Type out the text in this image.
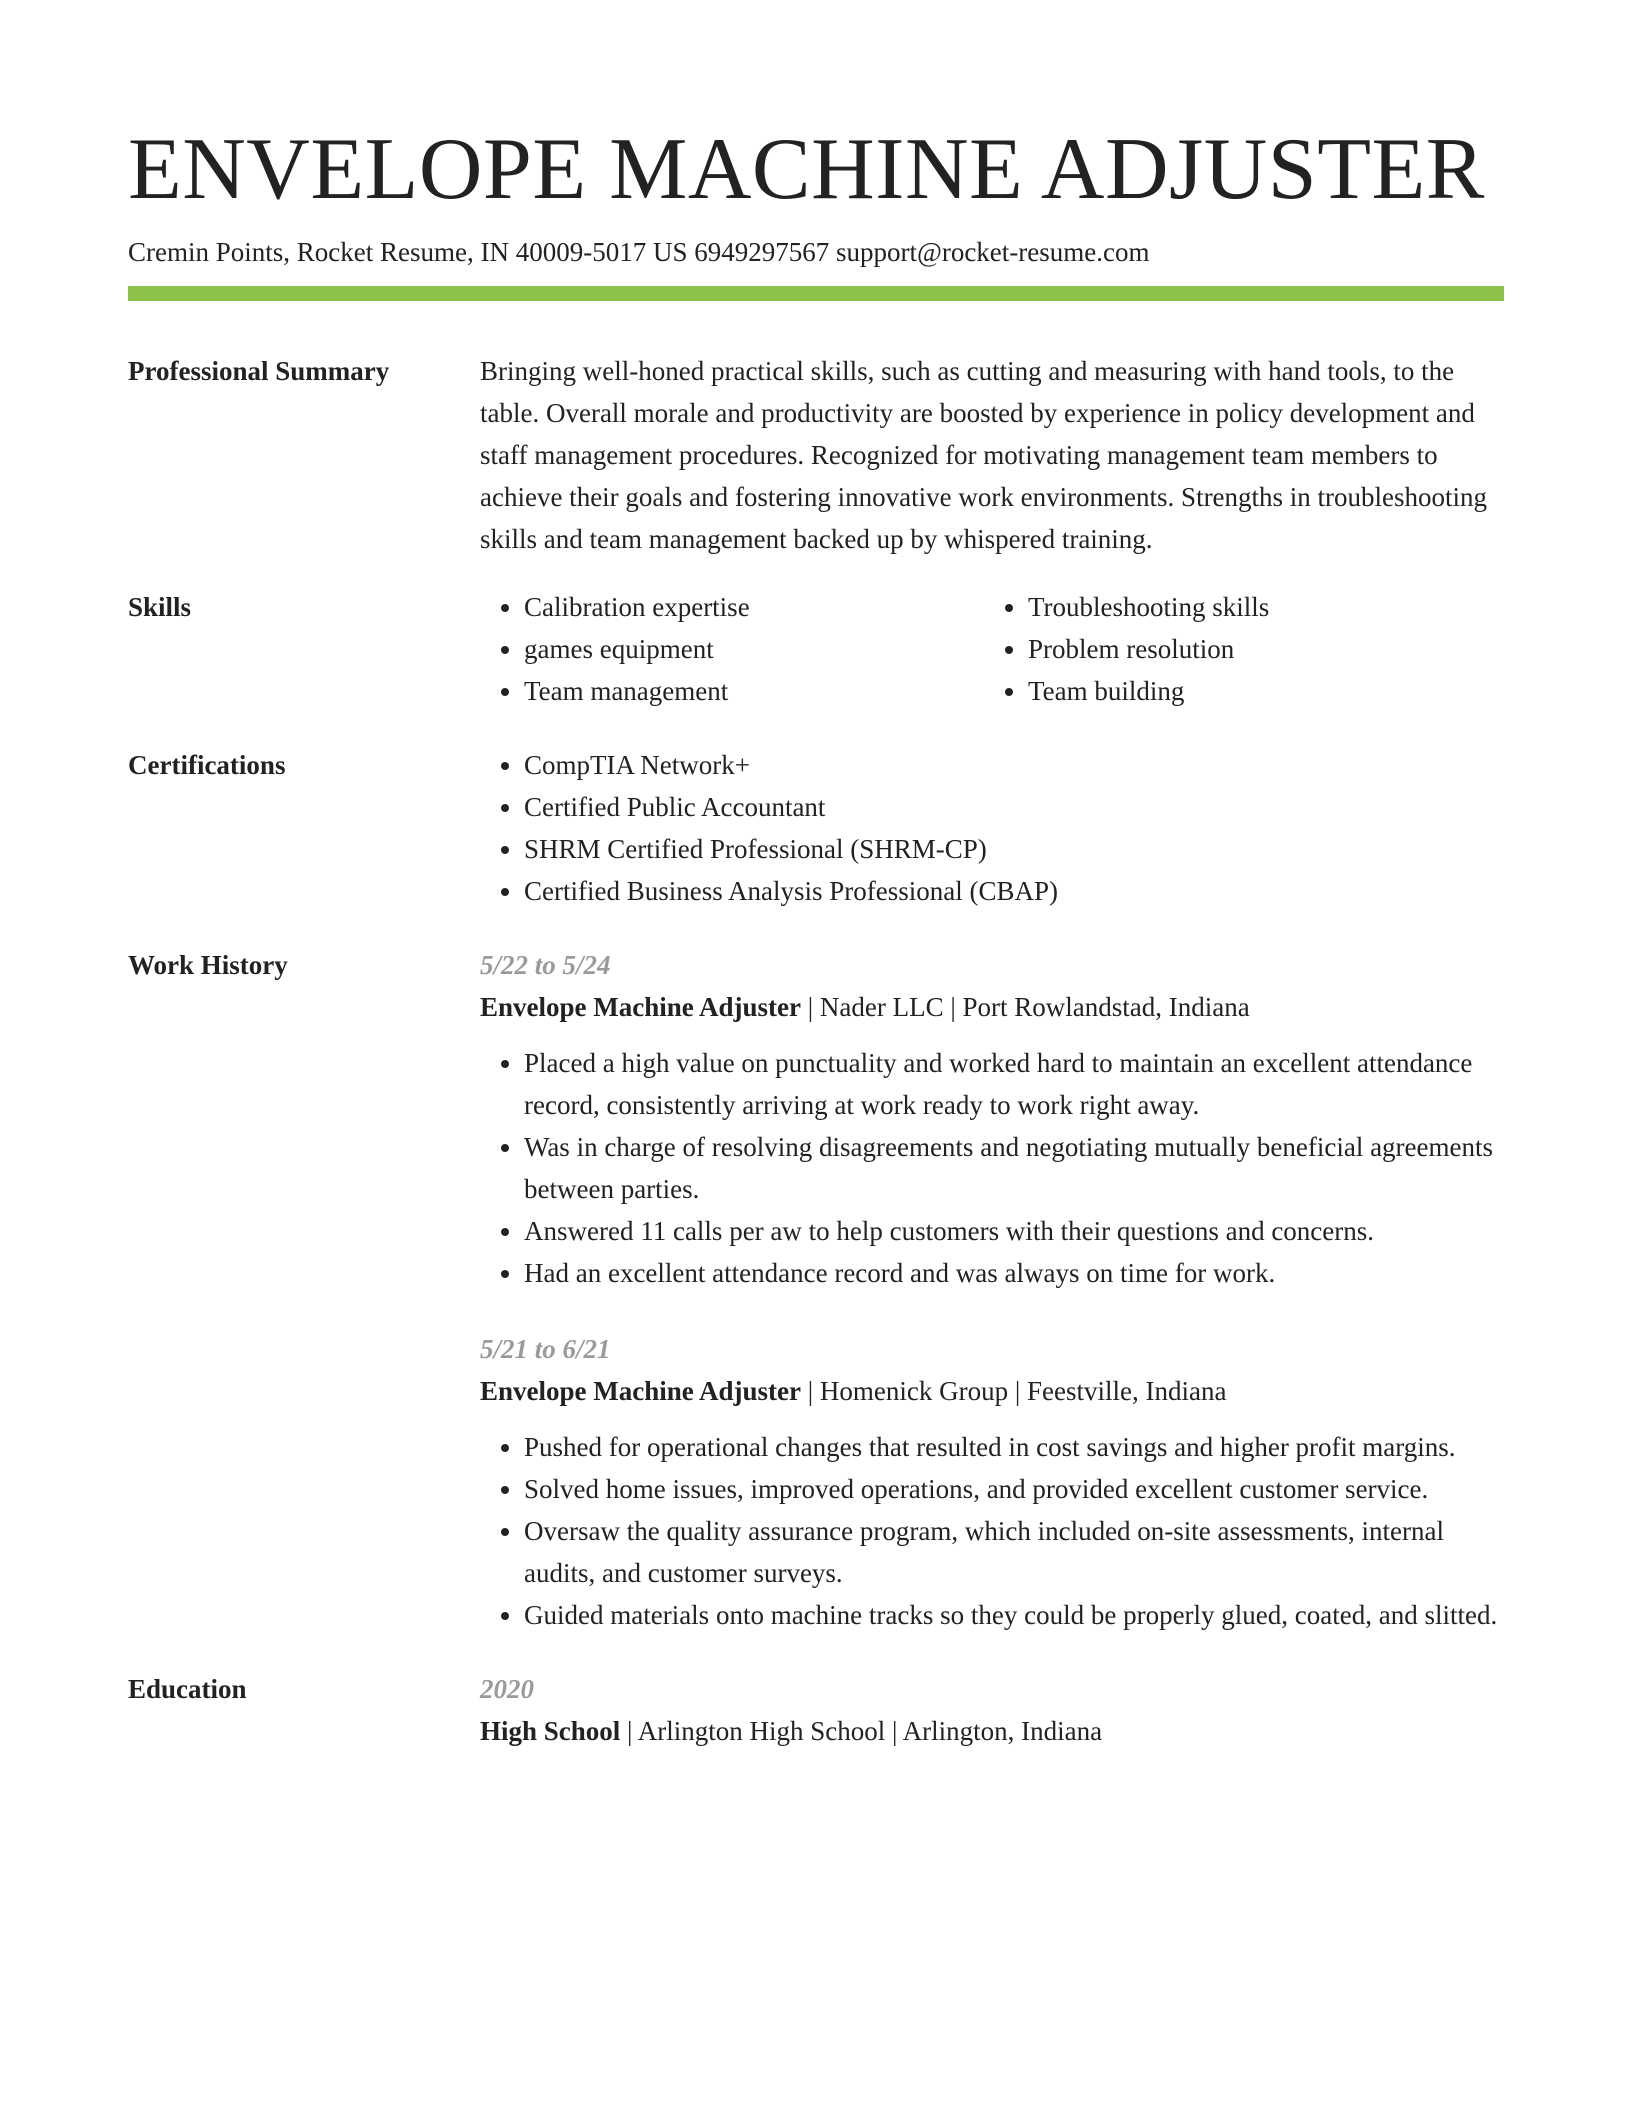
ENVELOPE MACHINE ADJUSTER
Cremin Points, Rocket Resume, IN 40009-5017 US 6949297567 support@rocket-resume.com
Professional Summary	Bringing well-honed practical skills, such as cutting and measuring with hand tools, to the table. Overall morale and productivity are boosted by experience in policy development and staff management procedures. Recognized for motivating management team members to achieve their goals and fostering innovative work environments. Strengths in troubleshooting skills and team management backed up by whispered training.

Skills	• Calibration expertise
• games equipment
• Team management
• Troubleshooting skills
• Problem resolution
• Team building
Certifications	• CompTIA Network+
• Certified Public Accountant
• SHRM Certified Professional (SHRM-CP)
• Certified Business Analysis Professional (CBAP)
Work History	5/22 to 5/24
Envelope Machine Adjuster | Nader LLC | Port Rowlandstad, Indiana
• Placed a high value on punctuality and worked hard to maintain an excellent attendance record, consistently arriving at work ready to work right away.
• Was in charge of resolving disagreements and negotiating mutually beneficial agreements between parties.
• Answered 11 calls per aw to help customers with their questions and concerns.
• Had an excellent attendance record and was always on time for work.
5/21 to 6/21
Envelope Machine Adjuster | Homenick Group | Feestville, Indiana
• Pushed for operational changes that resulted in cost savings and higher profit margins.
• Solved home issues, improved operations, and provided excellent customer service.
• Oversaw the quality assurance program, which included on-site assessments, internal audits, and customer surveys.
• Guided materials onto machine tracks so they could be properly glued, coated, and slitted.
Education	2020
High School | Arlington High School | Arlington, Indiana
